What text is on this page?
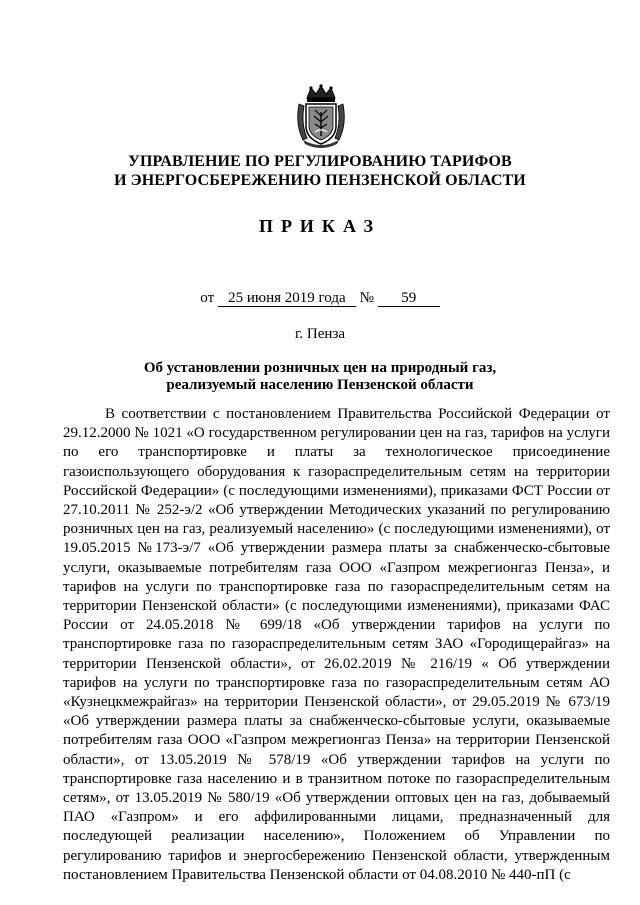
УПРАВЛЕНИЕ ПО РЕГУЛИРОВАНИЮ ТАРИФОВ
И ЭНЕРГОСБЕРЕЖЕНИЮ ПЕНЗЕНСКОЙ ОБЛАСТИ
ПРИКАЗ
от 25 июня 2019 года № 59
г. Пенза
Об установлении розничных цен на природный газ,
реализуемый населению Пензенской области

В соответствии с постановлением Правительства Российской Федерации от 29.12.2000 № 1021 «О государственном регулировании цен на газ, тарифов на услуги по его транспортировке и платы за технологическое присоединение газоиспользующего оборудования к газораспределительным сетям на территории Российской Федерации» (с последующими изменениями), приказами ФСТ России от 27.10.2011 № 252-э/2 «Об утверждении Методических указаний по регулированию розничных цен на газ, реализуемый населению» (с последующими изменениями), от 19.05.2015 №173-э/7 «Об утверждении размера платы за снабженческо-сбытовые услуги, оказываемые потребителям газа ООО «Газпром межрегионгаз Пенза», и тарифов на услуги по транспортировке газа по газораспределительным сетям на территории Пензенской области» (с последующими изменениями), приказами ФАС России от 24.05.2018 № 699/18 «Об утверждении тарифов на услуги по транспортировке газа по газораспределительным сетям ЗАО «Городищерайгаз» на территории Пензенской области», от 26.02.2019 № 216/19 « Об утверждении тарифов на услуги по транспортировке газа по газораспределительным сетям АО «Кузнецкмежрайгаз» на территории Пензенской области», от 29.05.2019 № 673/19 «Об утверждении размера платы за снабженческо-сбытовые услуги, оказываемые потребителям газа ООО «Газпром межрегионгаз Пенза» на территории Пензенской области», от 13.05.2019 № 578/19 «Об утверждении тарифов на услуги по транспортировке газа населению и в транзитном потоке по газораспределительным сетям», от 13.05.2019 № 580/19 «Об утверждении оптовых цен на газ, добываемый ПАО «Газпром» и его аффилированными лицами, предназначенный для последующей реализации населению», Положением об Управлении по регулированию тарифов и энергосбережению Пензенской области, утвержденным постановлением Правительства Пензенской области от 04.08.2010 № 440-пП (с
